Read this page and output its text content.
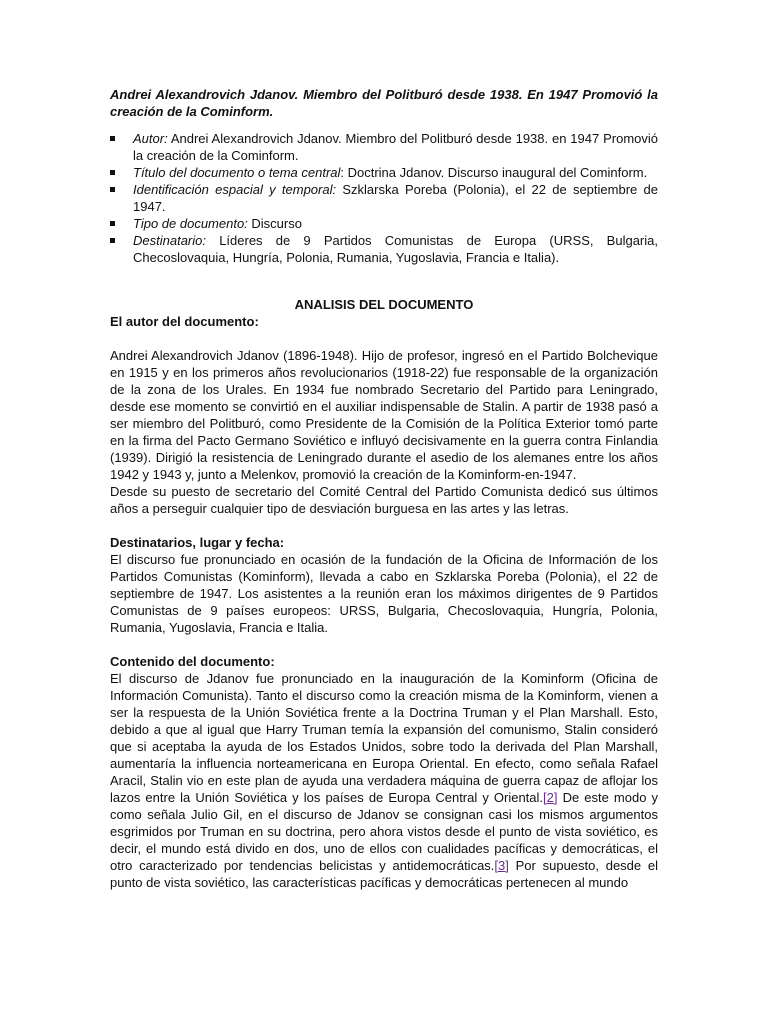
Andrei Alexandrovich Jdanov. Miembro del Politburó desde 1938. En 1947 Promovió la creación de la Cominform.

Autor: Andrei Alexandrovich Jdanov. Miembro del Politburó desde 1938. en 1947 Promovió la creación de la Cominform.
Título del documento o tema central: Doctrina Jdanov. Discurso inaugural del Cominform.
Identificación espacial y temporal: Szklarska Poreba (Polonia), el 22 de septiembre de 1947.
Tipo de documento: Discurso
Destinatario: Líderes de 9 Partidos Comunistas de Europa (URSS, Bulgaria, Checoslovaquia, Hungría, Polonia, Rumania, Yugoslavia, Francia e Italia).

ANALISIS DEL DOCUMENTO

El autor del documento:

Andrei Alexandrovich Jdanov (1896-1948). Hijo de profesor, ingresó en el Partido Bolchevique en 1915 y en los primeros años revolucionarios (1918-22) fue responsable de la organización de la zona de los Urales. En 1934 fue nombrado Secretario del Partido para Leningrado, desde ese momento se convirtió en el auxiliar indispensable de Stalin. A partir de 1938 pasó a ser miembro del Politburó, como Presidente de la Comisión de la Política Exterior tomó parte en la firma del Pacto Germano Soviético e influyó decisivamente en la guerra contra Finlandia (1939). Dirigió la resistencia de Leningrado durante el asedio de los alemanes entre los años 1942 y 1943 y, junto a Melenkov, promovió la creación de la Kominform-en-1947.

Desde su puesto de secretario del Comité Central del Partido Comunista dedicó sus últimos años a perseguir cualquier tipo de desviación burguesa en las artes y las letras.

Destinatarios, lugar y fecha:

El discurso fue pronunciado en ocasión de la fundación de la Oficina de Información de los Partidos Comunistas (Kominform), llevada a cabo en Szklarska Poreba (Polonia), el 22 de septiembre de 1947. Los asistentes a la reunión eran los máximos dirigentes de 9 Partidos Comunistas de 9 países europeos: URSS, Bulgaria, Checoslovaquia, Hungría, Polonia, Rumania, Yugoslavia, Francia e Italia.

Contenido del documento:

El discurso de Jdanov fue pronunciado en la inauguración de la Kominform (Oficina de Información Comunista). Tanto el discurso como la creación misma de la Kominform, vienen a ser la respuesta de la Unión Soviética frente a la Doctrina Truman y el Plan Marshall. Esto, debido a que al igual que Harry Truman temía la expansión del comunismo, Stalin consideró que si aceptaba la ayuda de los Estados Unidos, sobre todo la derivada del Plan Marshall, aumentaría la influencia norteamericana en Europa Oriental. En efecto, como señala Rafael Aracil, Stalin vio en este plan de ayuda una verdadera máquina de guerra capaz de aflojar los lazos entre la Unión Soviética y los países de Europa Central y Oriental.[2] De este modo y como señala Julio Gil, en el discurso de Jdanov se consignan casi los mismos argumentos esgrimidos por Truman en su doctrina, pero ahora vistos desde el punto de vista soviético, es decir, el mundo está divido en dos, uno de ellos con cualidades pacíficas y democráticas, el otro caracterizado por tendencias belicistas y antidemocráticas.[3] Por supuesto, desde el punto de vista soviético, las características pacíficas y democráticas pertenecen al mundo
